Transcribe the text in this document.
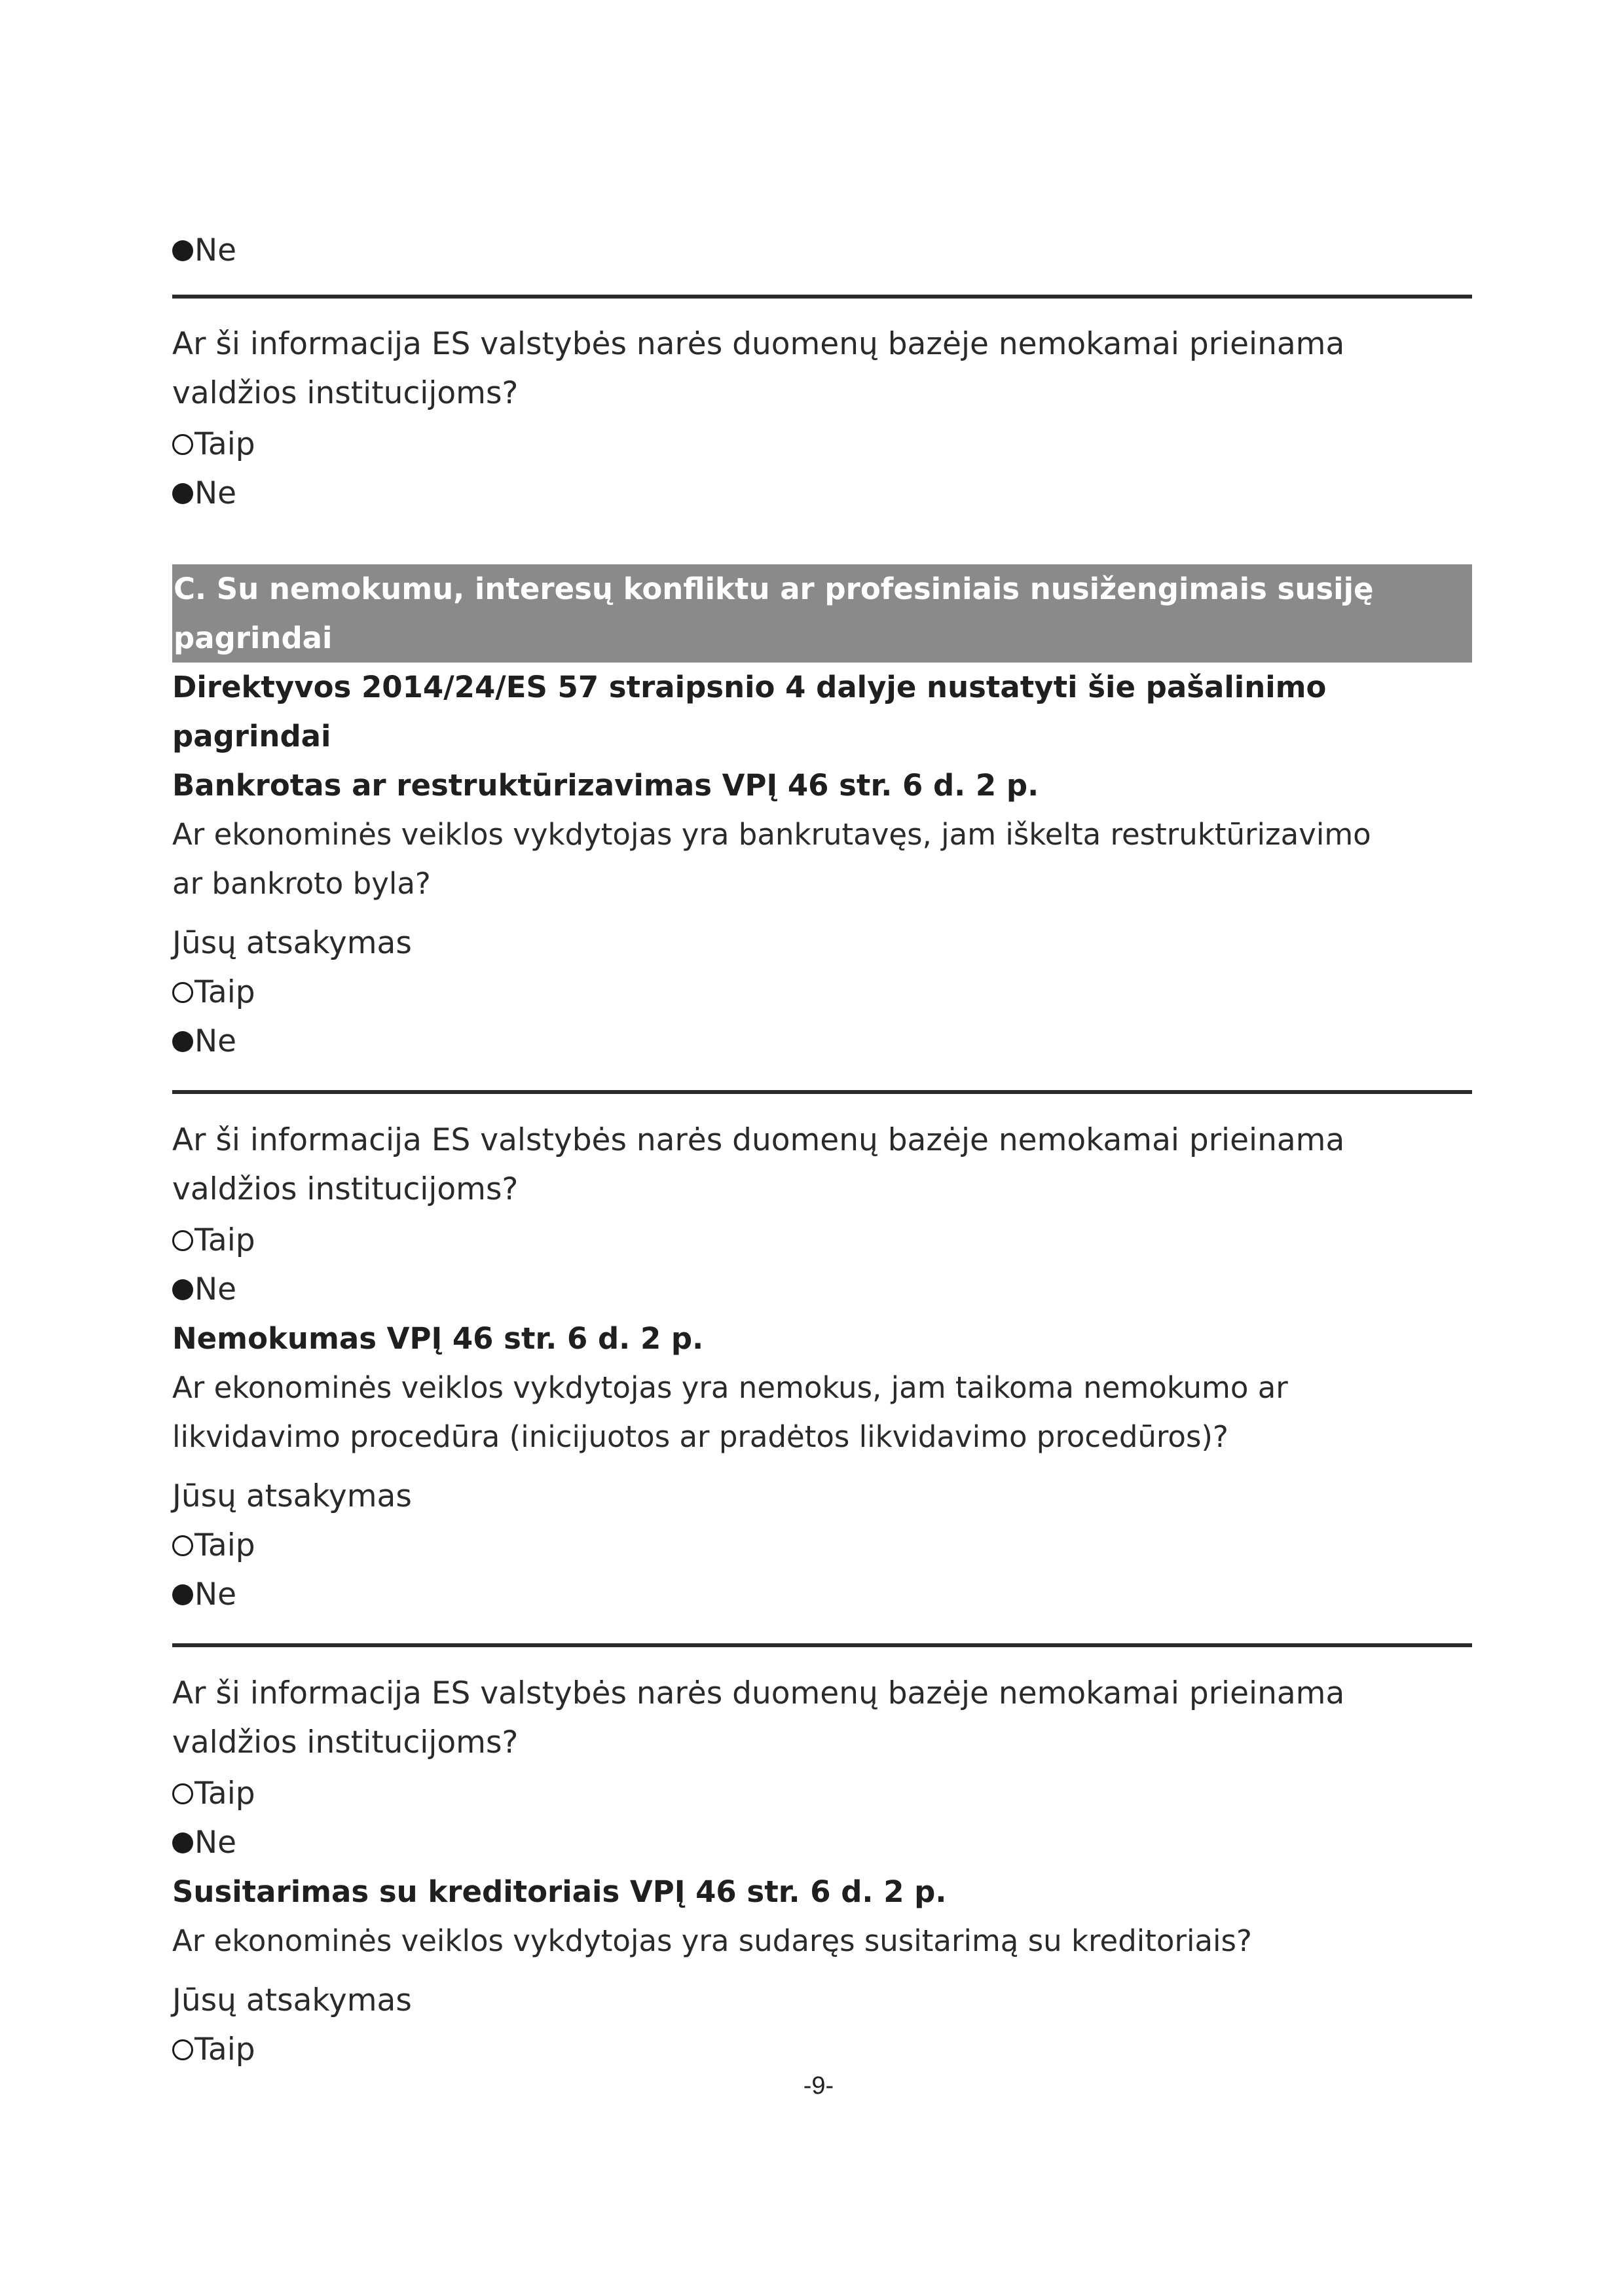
Ne
Ar ši informacija ES valstybės narės duomenų bazėje nemokamai prieinama
valdžios institucijoms?
Taip
Ne
C. Su nemokumu, interesų konfliktu ar profesiniais nusižengimais susiję
pagrindai
Direktyvos 2014/24/ES 57 straipsnio 4 dalyje nustatyti šie pašalinimo
pagrindai
Bankrotas ar restruktūrizavimas VPĮ 46 str. 6 d. 2 p.
Ar ekonominės veiklos vykdytojas yra bankrutavęs, jam iškelta restruktūrizavimo
ar bankroto byla?
Jūsų atsakymas
Taip
Ne
Ar ši informacija ES valstybės narės duomenų bazėje nemokamai prieinama
valdžios institucijoms?
Taip
Ne
Nemokumas VPĮ 46 str. 6 d. 2 p.
Ar ekonominės veiklos vykdytojas yra nemokus, jam taikoma nemokumo ar
likvidavimo procedūra (inicijuotos ar pradėtos likvidavimo procedūros)?
Jūsų atsakymas
Taip
Ne
Ar ši informacija ES valstybės narės duomenų bazėje nemokamai prieinama
valdžios institucijoms?
Taip
Ne
Susitarimas su kreditoriais VPĮ 46 str. 6 d. 2 p.
Ar ekonominės veiklos vykdytojas yra sudaręs susitarimą su kreditoriais?
Jūsų atsakymas
Taip
-9-
